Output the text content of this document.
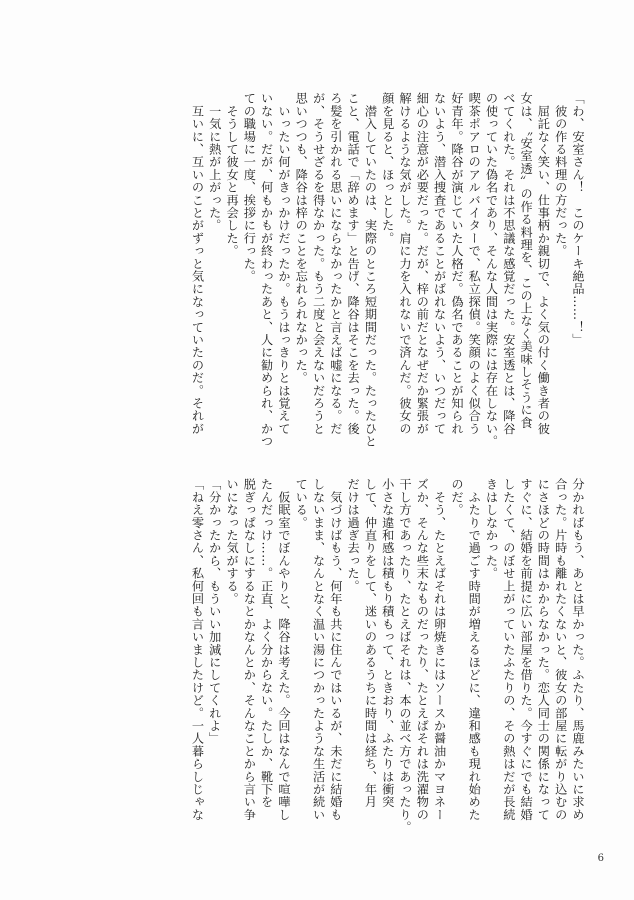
「わ、安室さん！　このケーキ絶品……！」
　彼の作る料理の方だった。
　屈託なく笑い、仕事柄か親切で、よく気の付く働き者の彼
女は、〝安室透〟の作る料理を、この上なく美味しそうに食
べてくれた。それは不思議な感覚だった。安室透とは、降谷
の使っていた偽名であり、そんな人間は実際には存在しない。
喫茶ポアロのアルバイターで、私立探偵。笑顔のよく似合う
好青年。降谷が演じていた人格だ。偽名であることが知られ
ないよう、潜入捜査であることがばれないよう、いつだって
細心の注意が必要だった。だが、梓の前だとなぜだか緊張が
解けるような気がした。肩に力を入れないで済んだ。彼女の
顔を見ると、ほっとした。
　潜入していたのは、実際のところ短期間だった。たったひと
こと、電話で「辞めます」と告げ、降谷はそこを去った。後
ろ髪を引かれる思いにならなかったかと言えば嘘になる。だ
が、そうせざるを得なかった。もう二度と会えないだろうと
思いつつも、降谷は梓のことを忘れられなかった。
　いったい何がきっかけだったか。もうはっきりとは覚えて
いない。だが、何もかもが終わったあと、人に勧められ、かつ
ての職場に一度、挨拶に行った。
　そうして彼女と再会した。
　一気に熱が上がった。
　互いに、互いのことがずっと気になっていたのだ。それが
分かればもう、あとは早かった。ふたり、馬鹿みたいに求め
合った。片時も離れたくないと、彼女の部屋に転がり込むの
にさほどの時間はかからなかった。恋人同士の関係になって
すぐに、結婚を前提に広い部屋を借りた。今すぐにでも結婚
したくて、のぼせ上がっていたふたりの、その熱はだが長続
きはしなかった。
　ふたりで過ごす時間が増えるほどに、違和感も現れ始めた
のだ。
　そう、たとえばそれは卵焼きにはソースか醤油かマヨネー
ズか、そんな些末なものだったり、たとえばそれは洗濯物の
干し方であったり、たとえばそれは、本の並べ方であったり。
小さな違和感は積もり積もって、ときおり、ふたりは衝突
して、仲直りをして、迷いのあるうちに時間は経ち、年月
だけは過ぎ去った。
　気づけばもう、何年も共に住んではいるが、未だに結婚も
しないまま、なんとなく温い湯につかったような生活が続い
ている。
　仮眠室でぼんやりと、降谷は考えた。今回はなんで喧嘩し
たんだっけ……。正直、よく分からない。たしか、靴下を
脱ぎっぱなしにするなとかなんとか、そんなことから言い争
いになった気がする。
「分かったから、もういい加減にしてくれよ」
「ねえ零さん、私何回も言いましたけど。一人暮らしじゃな
6
